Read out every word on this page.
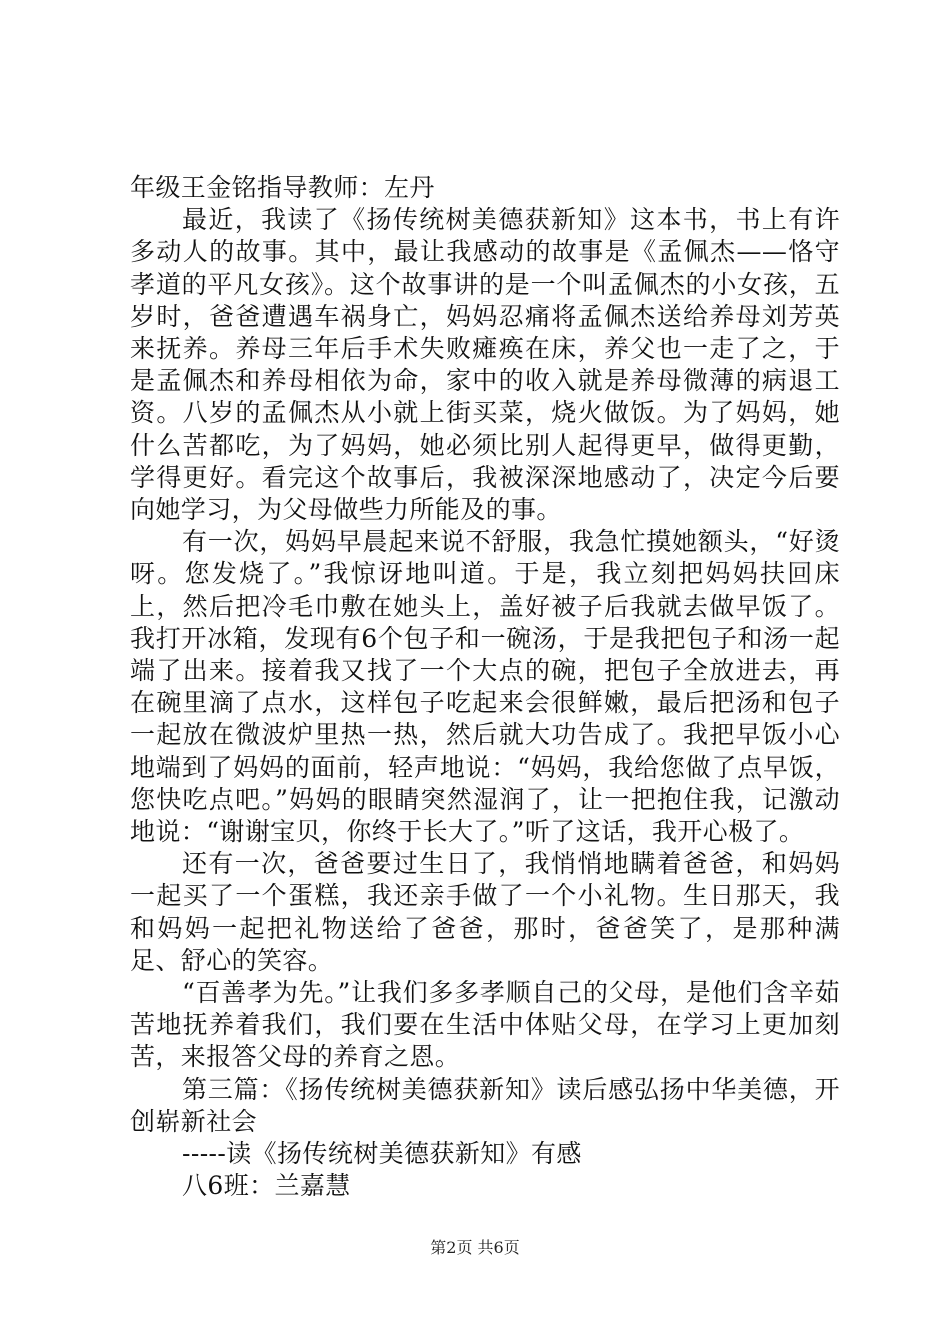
年级王金铭指导教师：左丹

最近，我读了《扬传统树美德获新知》这本书，书上有许多动人的故事。其中，最让我感动的故事是《孟佩杰——恪守孝道的平凡女孩》。这个故事讲的是一个叫孟佩杰的小女孩，五岁时，爸爸遭遇车祸身亡，妈妈忍痛将孟佩杰送给养母刘芳英来抚养。养母三年后手术失败瘫痪在床，养父也一走了之，于是孟佩杰和养母相依为命，家中的收入就是养母微薄的病退工资。八岁的孟佩杰从小就上街买菜，烧火做饭。为了妈妈，她什么苦都吃，为了妈妈，她必须比别人起得更早，做得更勤，学得更好。看完这个故事后，我被深深地感动了，决定今后要向她学习，为父母做些力所能及的事。

有一次，妈妈早晨起来说不舒服，我急忙摸她额头，“好烫呀。您发烧了。”我惊讶地叫道。于是，我立刻把妈妈扶回床上，然后把冷毛巾敷在她头上，盖好被子后我就去做早饭了。我打开冰箱，发现有6个包子和一碗汤，于是我把包子和汤一起端了出来。接着我又找了一个大点的碗，把包子全放进去，再在碗里滴了点水，这样包子吃起来会很鲜嫩，最后把汤和包子一起放在微波炉里热一热，然后就大功告成了。我把早饭小心地端到了妈妈的面前，轻声地说：“妈妈，我给您做了点早饭，您快吃点吧。”妈妈的眼睛突然湿润了，让一把抱住我，记激动地说：“谢谢宝贝，你终于长大了。”听了这话，我开心极了。

还有一次，爸爸要过生日了，我悄悄地瞒着爸爸，和妈妈一起买了一个蛋糕，我还亲手做了一个小礼物。生日那天，我和妈妈一起把礼物送给了爸爸，那时，爸爸笑了，是那种满足、舒心的笑容。

“百善孝为先。”让我们多多孝顺自己的父母，是他们含辛茹苦地抚养着我们，我们要在生活中体贴父母，在学习上更加刻苦，来报答父母的养育之恩。

第三篇：《扬传统树美德获新知》读后感弘扬中华美德，开创崭新社会

-----读《扬传统树美德获新知》有感

八6班：兰嘉慧

第2页 共6页
